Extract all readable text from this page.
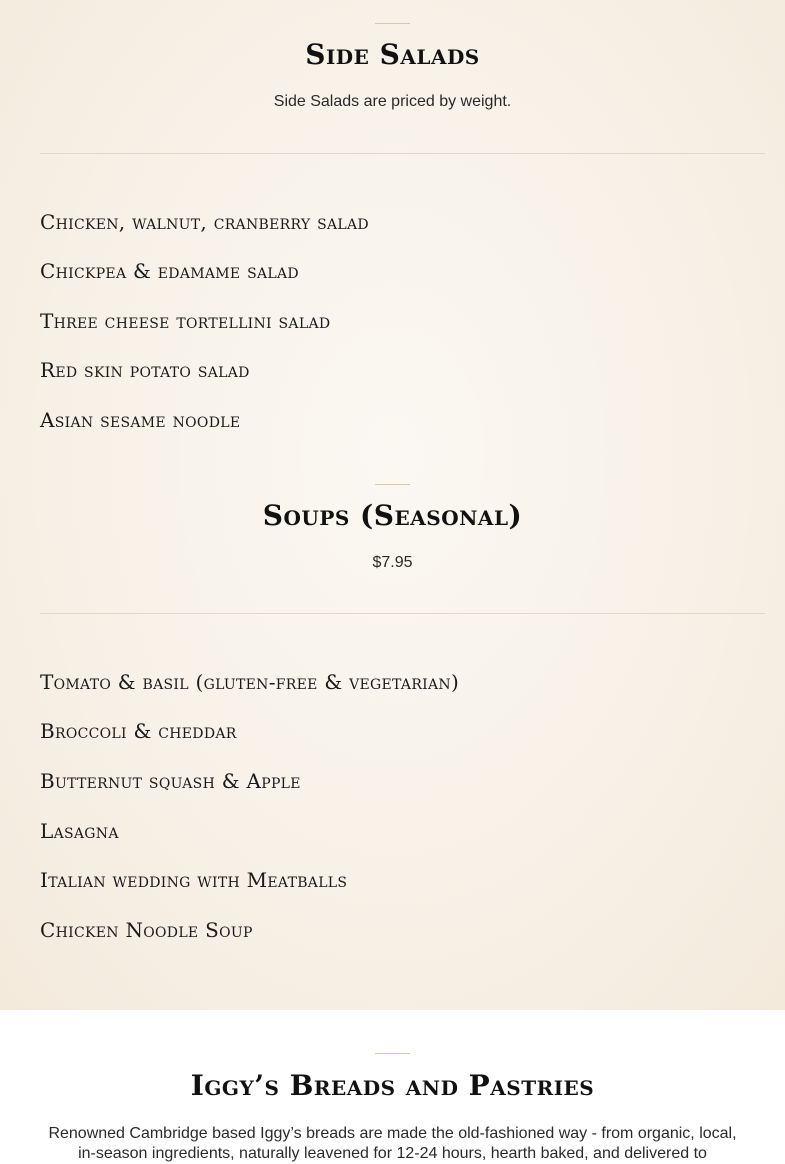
Side Salads

Side Salads are priced by weight.

Chicken, walnut, cranberry salad
Chickpea & edamame salad
Three cheese tortellini salad
Red skin potato salad
Asian sesame noodle
Soups (Seasonal)

$7.95

Tomato & basil (gluten-free & vegetarian)
Broccoli & cheddar
Butternut squash & Apple
Lasagna
Italian wedding with Meatballs
Chicken Noodle Soup
Iggy’s Breads and Pastries

Renowned Cambridge based Iggy’s breads are made the old-fashioned way - from organic, local, in-season ingredients, naturally leavened for 12-24 hours, hearth baked, and delivered to
